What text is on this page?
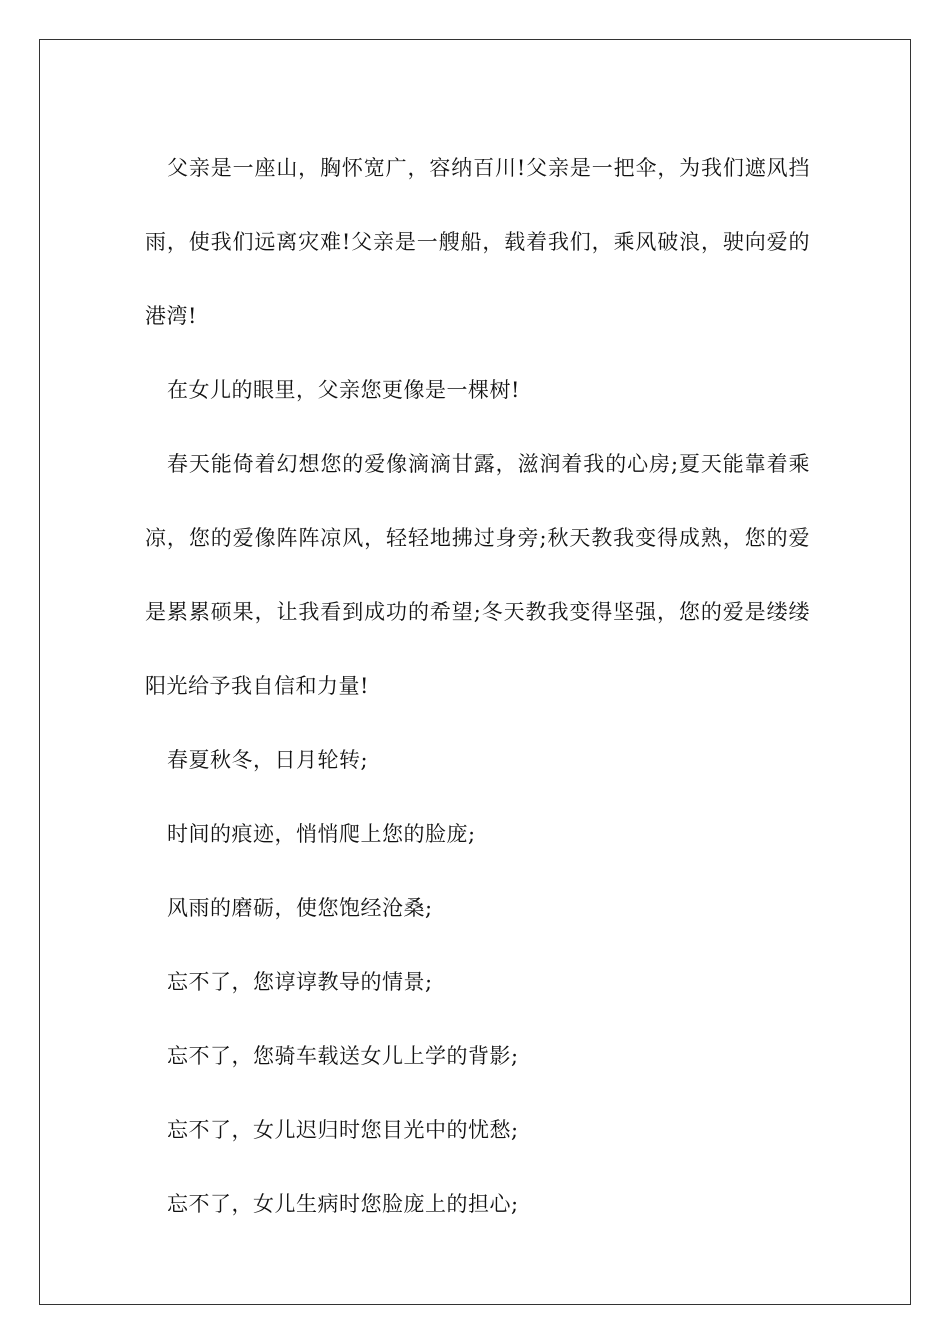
父亲是一座山，胸怀宽广，容纳百川!父亲是一把伞，为我们遮风挡雨，使我们远离灾难!父亲是一艘船，载着我们，乘风破浪，驶向爱的港湾!

在女儿的眼里，父亲您更像是一棵树!

春天能倚着幻想您的爱像滴滴甘露，滋润着我的心房;夏天能靠着乘凉，您的爱像阵阵凉风，轻轻地拂过身旁;秋天教我变得成熟，您的爱是累累硕果，让我看到成功的希望;冬天教我变得坚强，您的爱是缕缕阳光给予我自信和力量!

春夏秋冬，日月轮转;

时间的痕迹，悄悄爬上您的脸庞;

风雨的磨砺，使您饱经沧桑;

忘不了，您谆谆教导的情景;

忘不了，您骑车载送女儿上学的背影;

忘不了，女儿迟归时您目光中的忧愁;

忘不了，女儿生病时您脸庞上的担心;
